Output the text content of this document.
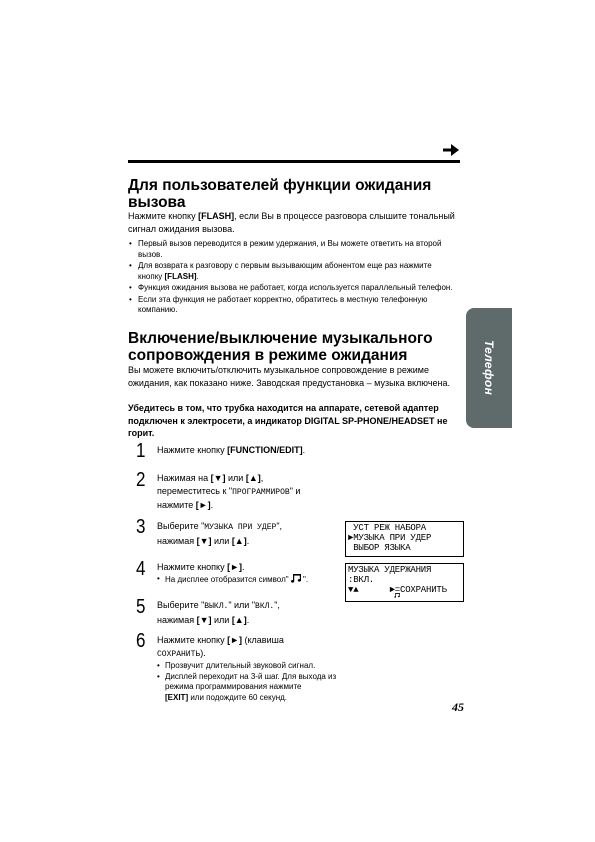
Для пользователей функции ожидания вызова
Нажмите кнопку [FLASH], если Вы в процессе разговора слышите тональный сигнал ожидания вызова.
• Первый вызов переводится в режим удержания, и Вы можете ответить на второй вызов.
• Для возврата к разговору с первым вызывающим абонентом еще раз нажмите кнопку [FLASH].
• Функция ожидания вызова не работает, когда используется параллельный телефон.
• Если эта функция не работает корректно, обратитесь в местную телефонную компанию.
Включение/выключение музыкального сопровождения в режиме ожидания
Вы можете включить/отключить музыкальное сопровождение в режиме ожидания, как показано ниже. Заводская предустановка – музыка включена.
Убедитесь в том, что трубка находится на аппарате, сетевой адаптер подключен к электросети, а индикатор DIGITAL SP-PHONE/HEADSET не горит.
Телефон
1 Нажмите кнопку [FUNCTION/EDIT].
2 Нажимая на [▼] или [▲],
переместитесь к "ПРОГРАММИРОВ" и
нажмите [►].
3 Выберите "МУЗЫКА ПРИ УДЕР",
нажимая [▼] или [▲].
УСТ РЕЖ НАБОРА
►МУЗЫКА ПРИ УДЕР
ВЫБОР ЯЗЫКА
4 Нажмите кнопку [►].
• На дисплее отобразится символ"  ".
МУЗЫКА УДЕРЖАНИЯ
:ВКЛ.
▼▲      ►=СОХРАНИТЬ
5 Выберите "ВЫКЛ." или "ВКЛ.",
нажимая [▼] или [▲].
6 Нажмите кнопку [►] (клавиша
СОХРАНИТЬ).
• Прозвучит длительный звуковой сигнал.
• Дисплей переходит на 3-й шаг. Для выхода из режима программирования нажмите
[EXIT] или подождите 60 секунд.
45
